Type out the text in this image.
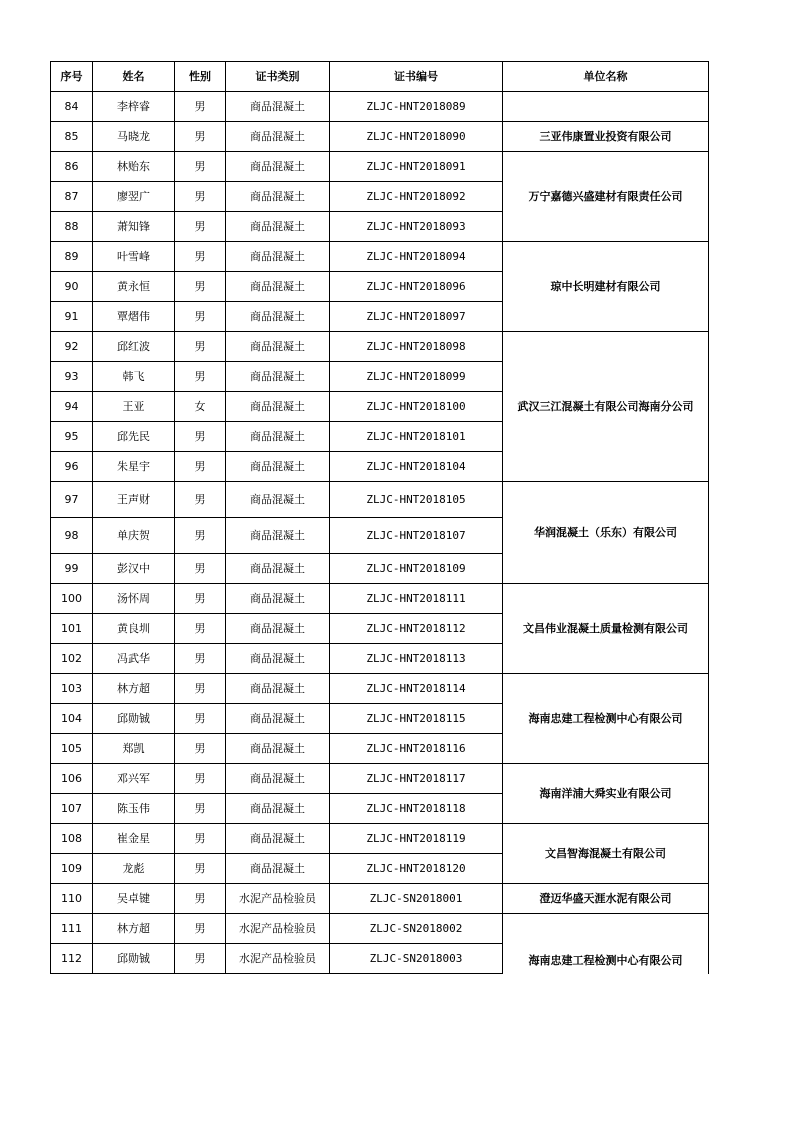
序号	姓名	性别	证书类别	证书编号	单位名称
84	李梓睿	男	商品混凝土	ZLJC-HNT2018089	
85	马晓龙	男	商品混凝土	ZLJC-HNT2018090	三亚伟康置业投资有限公司
86	林贻东	男	商品混凝土	ZLJC-HNT2018091	万宁嘉德兴盛建材有限责任公司
87	廖翌广	男	商品混凝土	ZLJC-HNT2018092	
88	萧知锋	男	商品混凝土	ZLJC-HNT2018093	
89	叶雪峰	男	商品混凝土	ZLJC-HNT2018094	琼中长明建材有限公司
90	黄永恒	男	商品混凝土	ZLJC-HNT2018096	
91	覃熠伟	男	商品混凝土	ZLJC-HNT2018097	
92	邱红波	男	商品混凝土	ZLJC-HNT2018098	武汉三江混凝土有限公司海南分公司
93	韩飞	男	商品混凝土	ZLJC-HNT2018099	
94	王亚	女	商品混凝土	ZLJC-HNT2018100	
95	邱先民	男	商品混凝土	ZLJC-HNT2018101	
96	朱星宇	男	商品混凝土	ZLJC-HNT2018104	
97	王声财	男	商品混凝土	ZLJC-HNT2018105	华润混凝土（乐东）有限公司
98	单庆贺	男	商品混凝土	ZLJC-HNT2018107	
99	彭汉中	男	商品混凝土	ZLJC-HNT2018109	
100	汤怀周	男	商品混凝土	ZLJC-HNT2018111	文昌伟业混凝土质量检测有限公司
101	黄良圳	男	商品混凝土	ZLJC-HNT2018112	
102	冯武华	男	商品混凝土	ZLJC-HNT2018113	
103	林方超	男	商品混凝土	ZLJC-HNT2018114	海南忠建工程检测中心有限公司
104	邱勋铖	男	商品混凝土	ZLJC-HNT2018115	
105	郑凯	男	商品混凝土	ZLJC-HNT2018116	
106	邓兴军	男	商品混凝土	ZLJC-HNT2018117	海南洋浦大舜实业有限公司
107	陈玉伟	男	商品混凝土	ZLJC-HNT2018118	
108	崔金星	男	商品混凝土	ZLJC-HNT2018119	文昌智海混凝土有限公司
109	龙彪	男	商品混凝土	ZLJC-HNT2018120	
110	吴卓键	男	水泥产品检验员	ZLJC-SN2018001	澄迈华盛天涯水泥有限公司
111	林方超	男	水泥产品检验员	ZLJC-SN2018002	海南忠建工程检测中心有限公司
112	邱勋铖	男	水泥产品检验员	ZLJC-SN2018003	
